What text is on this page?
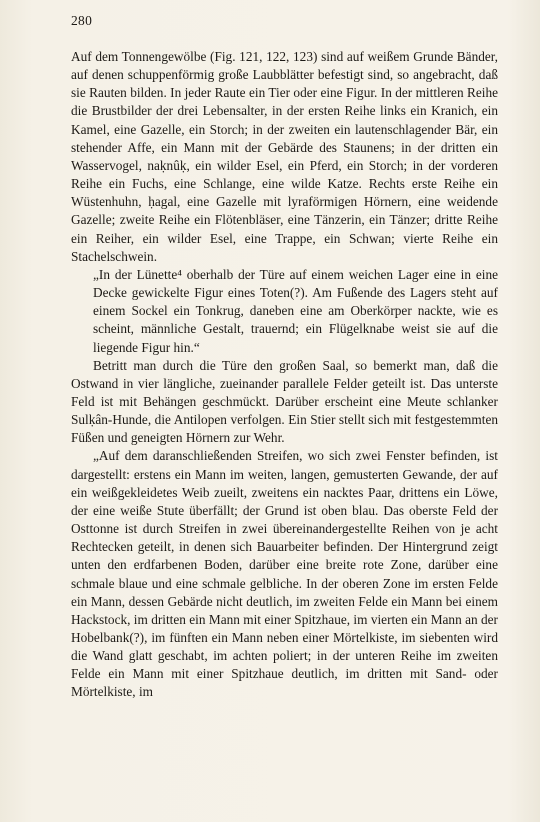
280

Auf dem Tonnengewölbe (Fig. 121, 122, 123) sind auf weißem Grunde Bänder, auf denen schuppenförmig große Laubblätter befestigt sind, so angebracht, daß sie Rauten bilden. In jeder Raute ein Tier oder eine Figur. In der mittleren Reihe die Brustbilder der drei Lebensalter, in der ersten Reihe links ein Kranich, ein Kamel, eine Gazelle, ein Storch; in der zweiten ein lautenschlagender Bär, ein stehender Affe, ein Mann mit der Gebärde des Staunens; in der dritten ein Wasservogel, naḳnûḳ, ein wilder Esel, ein Pferd, ein Storch; in der vorderen Reihe ein Fuchs, eine Schlange, eine wilde Katze. Rechts erste Reihe ein Wüstenhuhn, ḥagal, eine Gazelle mit lyraförmigen Hörnern, eine weidende Gazelle; zweite Reihe ein Flötenbläser, eine Tänzerin, ein Tänzer; dritte Reihe ein Reiher, ein wilder Esel, eine Trappe, ein Schwan; vierte Reihe ein Stachelschwein.

„In der Lünette⁴ oberhalb der Türe auf einem weichen Lager eine in eine Decke gewickelte Figur eines Toten(?). Am Fußende des Lagers steht auf einem Sockel ein Tonkrug, daneben eine am Oberkörper nackte, wie es scheint, männliche Gestalt, trauernd; ein Flügelknabe weist sie auf die liegende Figur hin.“

Betritt man durch die Türe den großen Saal, so bemerkt man, daß die Ostwand in vier längliche, zueinander parallele Felder geteilt ist. Das unterste Feld ist mit Behängen geschmückt. Darüber erscheint eine Meute schlanker Sulḳân-Hunde, die Antilopen verfolgen. Ein Stier stellt sich mit festgestemmten Füßen und geneigten Hörnern zur Wehr.

„Auf dem daranschließenden Streifen, wo sich zwei Fenster befinden, ist dargestellt: erstens ein Mann im weiten, langen, gemusterten Gewande, der auf ein weißgekleidetes Weib zueilt, zweitens ein nacktes Paar, drittens ein Löwe, der eine weiße Stute überfällt; der Grund ist oben blau. Das oberste Feld der Osttonne ist durch Streifen in zwei übereinandergestellte Reihen von je acht Rechtecken geteilt, in denen sich Bauarbeiter befinden. Der Hintergrund zeigt unten den erdfarbenen Boden, darüber eine breite rote Zone, darüber eine schmale blaue und eine schmale gelbliche. In der oberen Zone im ersten Felde ein Mann, dessen Gebärde nicht deutlich, im zweiten Felde ein Mann bei einem Hackstock, im dritten ein Mann mit einer Spitzhaue, im vierten ein Mann an der Hobelbank(?), im fünften ein Mann neben einer Mörtelkiste, im siebenten wird die Wand glatt geschabt, im achten poliert; in der unteren Reihe im zweiten Felde ein Mann mit einer Spitzhaue deutlich, im dritten mit Sand- oder Mörtelkiste, im
